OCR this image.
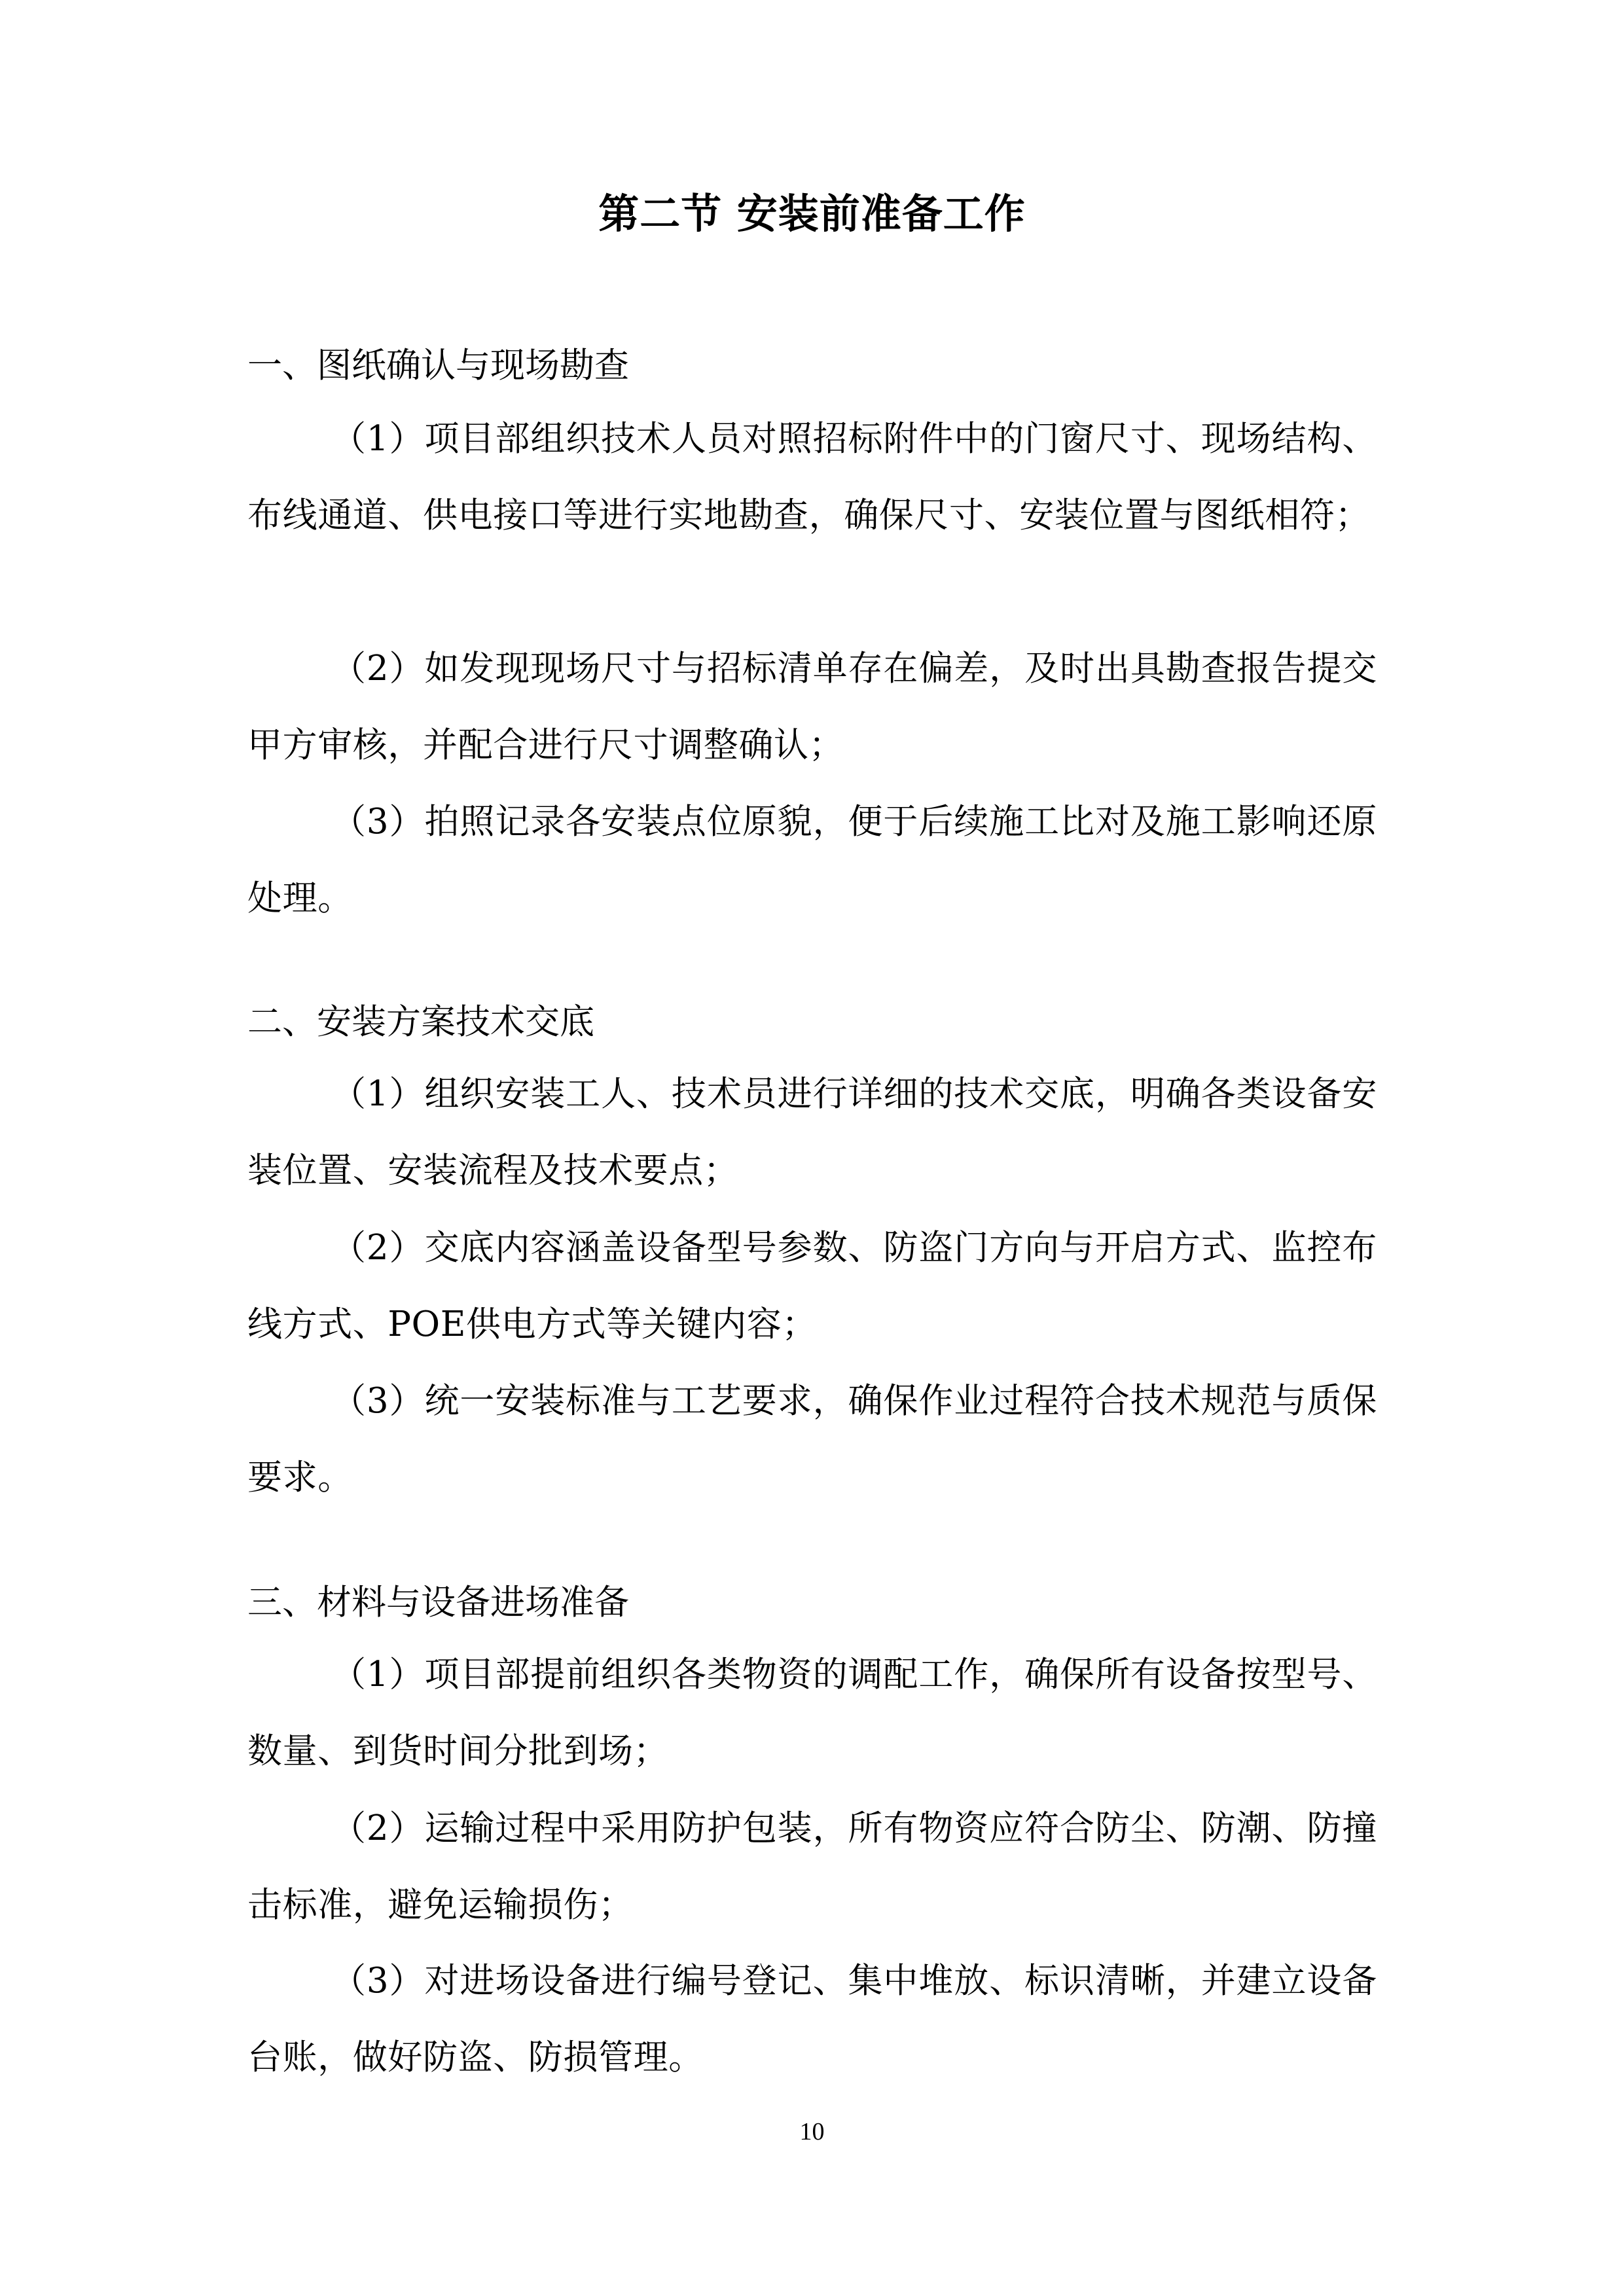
第二节 安装前准备工作
一、图纸确认与现场勘查
（1）项目部组织技术人员对照招标附件中的门窗尺寸、现场结构、布线通道、供电接口等进行实地勘查，确保尺寸、安装位置与图纸相符；
（2）如发现现场尺寸与招标清单存在偏差，及时出具勘查报告提交甲方审核，并配合进行尺寸调整确认；
（3）拍照记录各安装点位原貌，便于后续施工比对及施工影响还原处理。
二、安装方案技术交底
（1）组织安装工人、技术员进行详细的技术交底，明确各类设备安装位置、安装流程及技术要点；
（2）交底内容涵盖设备型号参数、防盗门方向与开启方式、监控布线方式、POE供电方式等关键内容；
（3）统一安装标准与工艺要求，确保作业过程符合技术规范与质保要求。
三、材料与设备进场准备
（1）项目部提前组织各类物资的调配工作，确保所有设备按型号、数量、到货时间分批到场；
（2）运输过程中采用防护包装，所有物资应符合防尘、防潮、防撞击标准，避免运输损伤；
（3）对进场设备进行编号登记、集中堆放、标识清晰，并建立设备台账，做好防盗、防损管理。
10
